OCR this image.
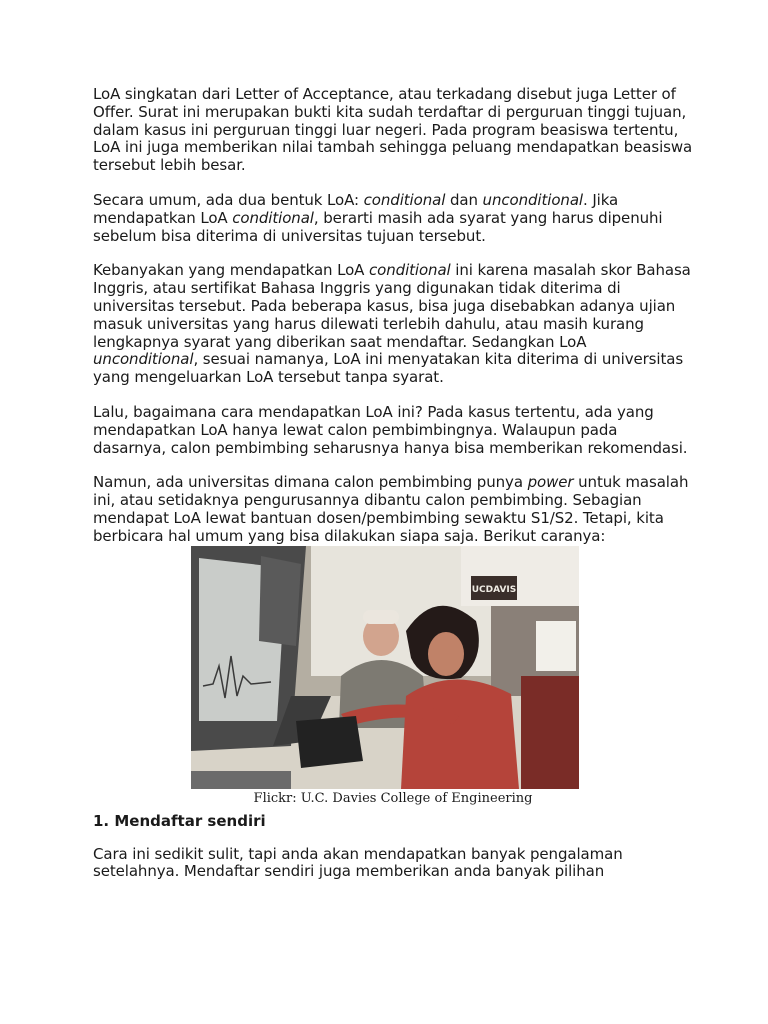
LoA singkatan dari Letter of Acceptance, atau terkadang disebut juga Letter of Offer. Surat ini merupakan bukti kita sudah terdaftar di perguruan tinggi tujuan, dalam kasus ini perguruan tinggi luar negeri. Pada program beasiswa tertentu, LoA ini juga memberikan nilai tambah sehingga peluang mendapatkan beasiswa tersebut lebih besar.

Secara umum, ada dua bentuk LoA: conditional dan unconditional. Jika mendapatkan LoA conditional, berarti masih ada syarat yang harus dipenuhi sebelum bisa diterima di universitas tujuan tersebut.

Kebanyakan yang mendapatkan LoA conditional ini karena masalah skor Bahasa Inggris, atau sertifikat Bahasa Inggris yang digunakan tidak diterima di universitas tersebut. Pada beberapa kasus, bisa juga disebabkan adanya ujian masuk universitas yang harus dilewati terlebih dahulu, atau masih kurang lengkapnya syarat yang diberikan saat mendaftar. Sedangkan LoA unconditional, sesuai namanya, LoA ini menyatakan kita diterima di universitas yang mengeluarkan LoA tersebut tanpa syarat.

Lalu, bagaimana cara mendapatkan LoA ini? Pada kasus tertentu, ada yang mendapatkan LoA hanya lewat calon pembimbingnya. Walaupun pada dasarnya, calon pembimbing seharusnya hanya bisa memberikan rekomendasi.

Namun, ada universitas dimana calon pembimbing punya power untuk masalah ini, atau setidaknya pengurusannya dibantu calon pembimbing. Sebagian mendapat LoA lewat bantuan dosen/pembimbing sewaktu S1/S2. Tetapi, kita berbicara hal umum yang bisa dilakukan siapa saja. Berikut caranya:

UCDAVIS
Flickr: U.C. Davies College of Engineering
1. Mendaftar sendiri

Cara ini sedikit sulit, tapi anda akan mendapatkan banyak pengalaman setelahnya. Mendaftar sendiri juga memberikan anda banyak pilihan
